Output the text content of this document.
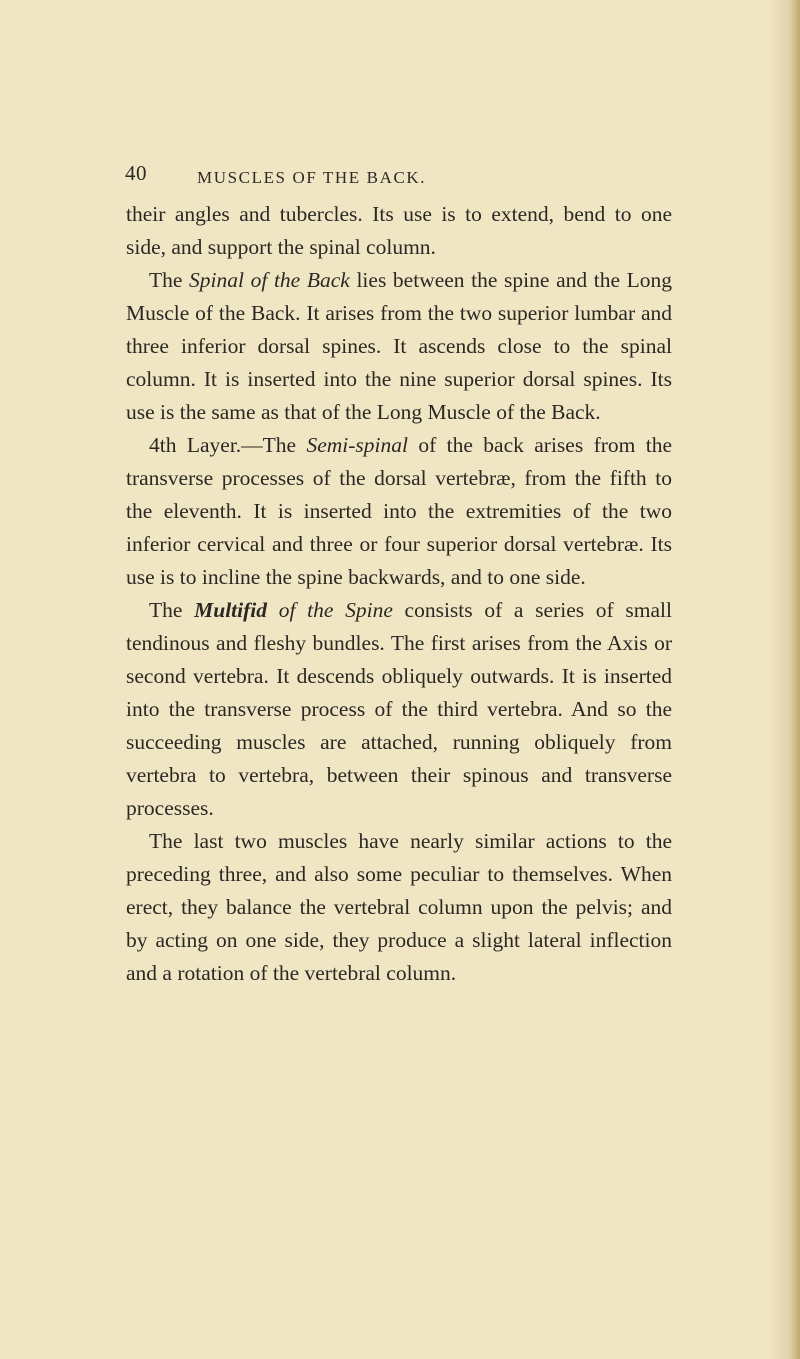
40	MUSCLES OF THE BACK.

their angles and tubercles. Its use is to extend, bend to one side, and support the spinal column.

The Spinal of the Back lies between the spine and the Long Muscle of the Back. It arises from the two superior lumbar and three inferior dorsal spines. It ascends close to the spinal column. It is inserted into the nine superior dorsal spines. Its use is the same as that of the Long Muscle of the Back.

4th Layer.—The Semi-spinal of the back arises from the transverse processes of the dorsal vertebræ, from the fifth to the eleventh. It is inserted into the extremities of the two inferior cervical and three or four superior dorsal vertebræ. Its use is to incline the spine backwards, and to one side.

The Multifid of the Spine consists of a series of small tendinous and fleshy bundles. The first arises from the Axis or second vertebra. It descends obliquely outwards. It is inserted into the transverse process of the third vertebra. And so the succeeding muscles are attached, running obliquely from vertebra to vertebra, between their spinous and transverse processes.

The last two muscles have nearly similar actions to the preceding three, and also some peculiar to themselves. When erect, they balance the vertebral column upon the pelvis; and by acting on one side, they produce a slight lateral inflection and a rotation of the vertebral column.
